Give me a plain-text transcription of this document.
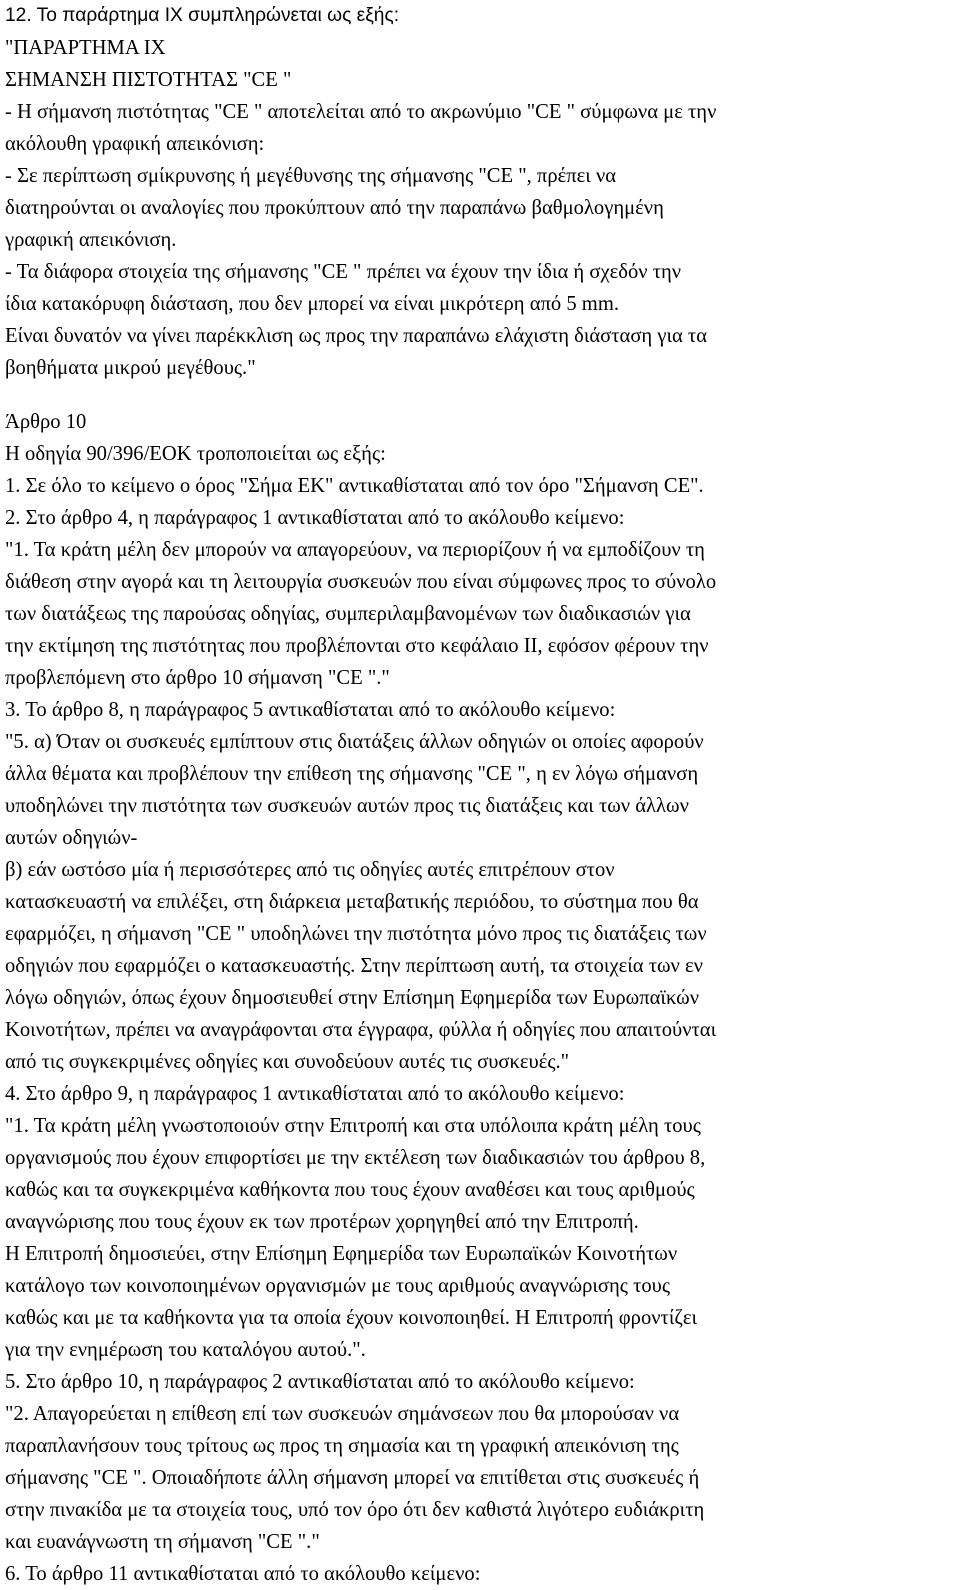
12. Το παράρτημα IX συμπληρώνεται ως εξής:
"ΠΑΡΑΡΤΗΜΑ IX
ΣΗΜΑΝΣΗ ΠΙΣΤΟΤΗΤΑΣ "CE "
- Η σήμανση πιστότητας "CE " αποτελείται από το ακρωνύμιο "CE " σύμφωνα με την
ακόλουθη γραφική απεικόνιση:
- Σε περίπτωση σμίκρυνσης ή μεγέθυνσης της σήμανσης "CE ", πρέπει να
διατηρούνται οι αναλογίες που προκύπτουν από την παραπάνω βαθμολογημένη
γραφική απεικόνιση.
- Τα διάφορα στοιχεία της σήμανσης "CE " πρέπει να έχουν την ίδια ή σχεδόν την
ίδια κατακόρυφη διάσταση, που δεν μπορεί να είναι μικρότερη από 5 mm.
Είναι δυνατόν να γίνει παρέκκλιση ως προς την παραπάνω ελάχιστη διάσταση για τα
βοηθήματα μικρού μεγέθους."
Άρθρο 10
Η οδηγία 90/396/ΕΟΚ τροποποιείται ως εξής:
1. Σε όλο το κείμενο ο όρος "Σήμα ΕΚ" αντικαθίσταται από τον όρο "Σήμανση CE".
2. Στο άρθρο 4, η παράγραφος 1 αντικαθίσταται από το ακόλουθο κείμενο:
"1. Τα κράτη μέλη δεν μπορούν να απαγορεύουν, να περιορίζουν ή να εμποδίζουν τη
διάθεση στην αγορά και τη λειτουργία συσκευών που είναι σύμφωνες προς το σύνολο
των διατάξεως της παρούσας οδηγίας, συμπεριλαμβανομένων των διαδικασιών για
την εκτίμηση της πιστότητας που προβλέπονται στο κεφάλαιο ΙΙ, εφόσον φέρουν την
προβλεπόμενη στο άρθρο 10 σήμανση "CE "."
3. Το άρθρο 8, η παράγραφος 5 αντικαθίσταται από το ακόλουθο κείμενο:
"5. α) Όταν οι συσκευές εμπίπτουν στις διατάξεις άλλων οδηγιών οι οποίες αφορούν
άλλα θέματα και προβλέπουν την επίθεση της σήμανσης "CE ", η εν λόγω σήμανση
υποδηλώνει την πιστότητα των συσκευών αυτών προς τις διατάξεις και των άλλων
αυτών οδηγιών-
β) εάν ωστόσο μία ή περισσότερες από τις οδηγίες αυτές επιτρέπουν στον
κατασκευαστή να επιλέξει, στη διάρκεια μεταβατικής περιόδου, το σύστημα που θα
εφαρμόζει, η σήμανση "CE " υποδηλώνει την πιστότητα μόνο προς τις διατάξεις των
οδηγιών που εφαρμόζει ο κατασκευαστής. Στην περίπτωση αυτή, τα στοιχεία των εν
λόγω οδηγιών, όπως έχουν δημοσιευθεί στην Επίσημη Εφημερίδα των Ευρωπαϊκών
Κοινοτήτων, πρέπει να αναγράφονται στα έγγραφα, φύλλα ή οδηγίες που απαιτούνται
από τις συγκεκριμένες οδηγίες και συνοδεύουν αυτές τις συσκευές."
4. Στο άρθρο 9, η παράγραφος 1 αντικαθίσταται από το ακόλουθο κείμενο:
"1. Τα κράτη μέλη γνωστοποιούν στην Επιτροπή και στα υπόλοιπα κράτη μέλη τους
οργανισμούς που έχουν επιφορτίσει με την εκτέλεση των διαδικασιών του άρθρου 8,
καθώς και τα συγκεκριμένα καθήκοντα που τους έχουν αναθέσει και τους αριθμούς
αναγνώρισης που τους έχουν εκ των προτέρων χορηγηθεί από την Επιτροπή.
Η Επιτροπή δημοσιεύει, στην Επίσημη Εφημερίδα των Ευρωπαϊκών Κοινοτήτων
κατάλογο των κοινοποιημένων οργανισμών με τους αριθμούς αναγνώρισης τους
καθώς και με τα καθήκοντα για τα οποία έχουν κοινοποιηθεί. Η Επιτροπή φροντίζει
για την ενημέρωση του καταλόγου αυτού.".
5. Στο άρθρο 10, η παράγραφος 2 αντικαθίσταται από το ακόλουθο κείμενο:
"2. Απαγορεύεται η επίθεση επί των συσκευών σημάνσεων που θα μπορούσαν να
παραπλανήσουν τους τρίτους ως προς τη σημασία και τη γραφική απεικόνιση της
σήμανσης "CE ". Οποιαδήποτε άλλη σήμανση μπορεί να επιτίθεται στις συσκευές ή
στην πινακίδα με τα στοιχεία τους, υπό τον όρο ότι δεν καθιστά λιγότερο ευδιάκριτη
και ευανάγνωστη τη σήμανση "CE "."
6. Το άρθρο 11 αντικαθίσταται από το ακόλουθο κείμενο:
